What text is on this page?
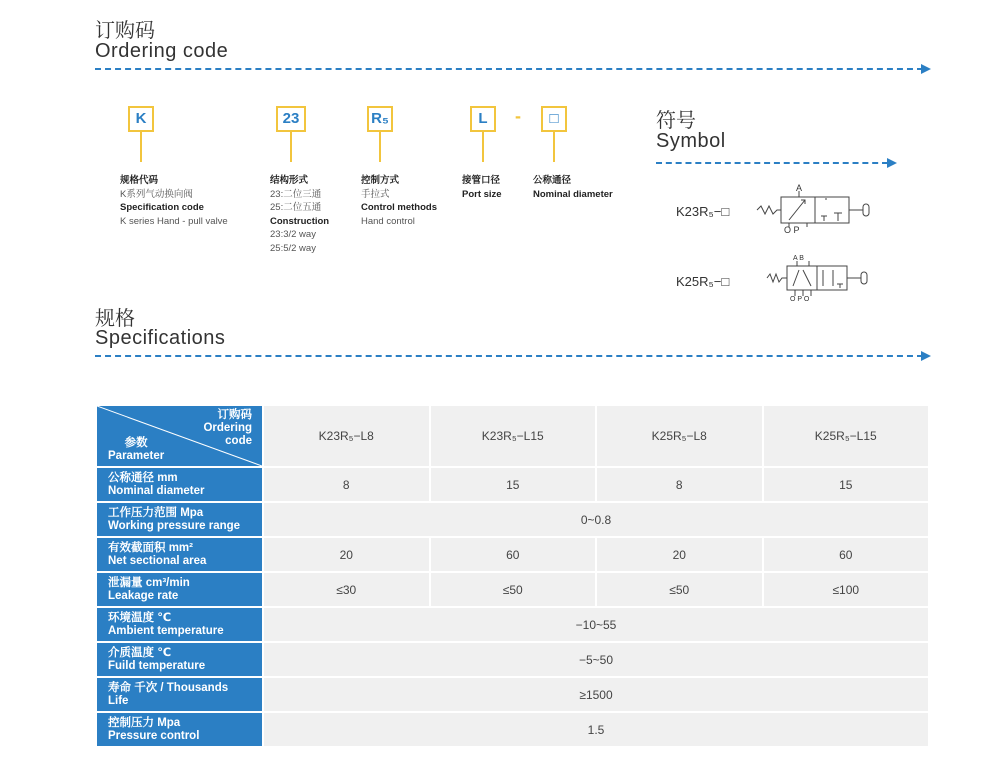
订购码
Ordering code
K	23	R₅	L	-	□
规格代码
K系列气动换向阀
Specification code
K series Hand - pull valve
结构形式
23:二位三通
25:二位五通
Construction
23:3/2 way
25:5/2 way
控制方式
手拉式
Control methods
Hand control
接管口径
Port size
公称通径
Nominal diameter
符号
Symbol
K23R₅−□
A
O P
K25R₅−□
A B
O P O
规格
Specifications
订购码
Ordering
code
参数
Parameter	K23R₅−L8	K23R₅−L15	K25R₅−L8	K25R₅−L15

公称通径 mm
Nominal diameter	8	15	8	15

工作压力范围 Mpa
Working pressure range	0~0.8			

有效截面积 mm²
Net sectional area	20	60	20	60

泄漏量 cm³/min
Leakage rate	≤30	≤50	≤50	≤100

环境温度 ℃
Ambient temperature	−10~55			

介质温度 ℃
Fuild temperature	−5~50			

寿命 千次 / Thousands
Life	≥1500			

控制压力 Mpa
Pressure control	1.5			
